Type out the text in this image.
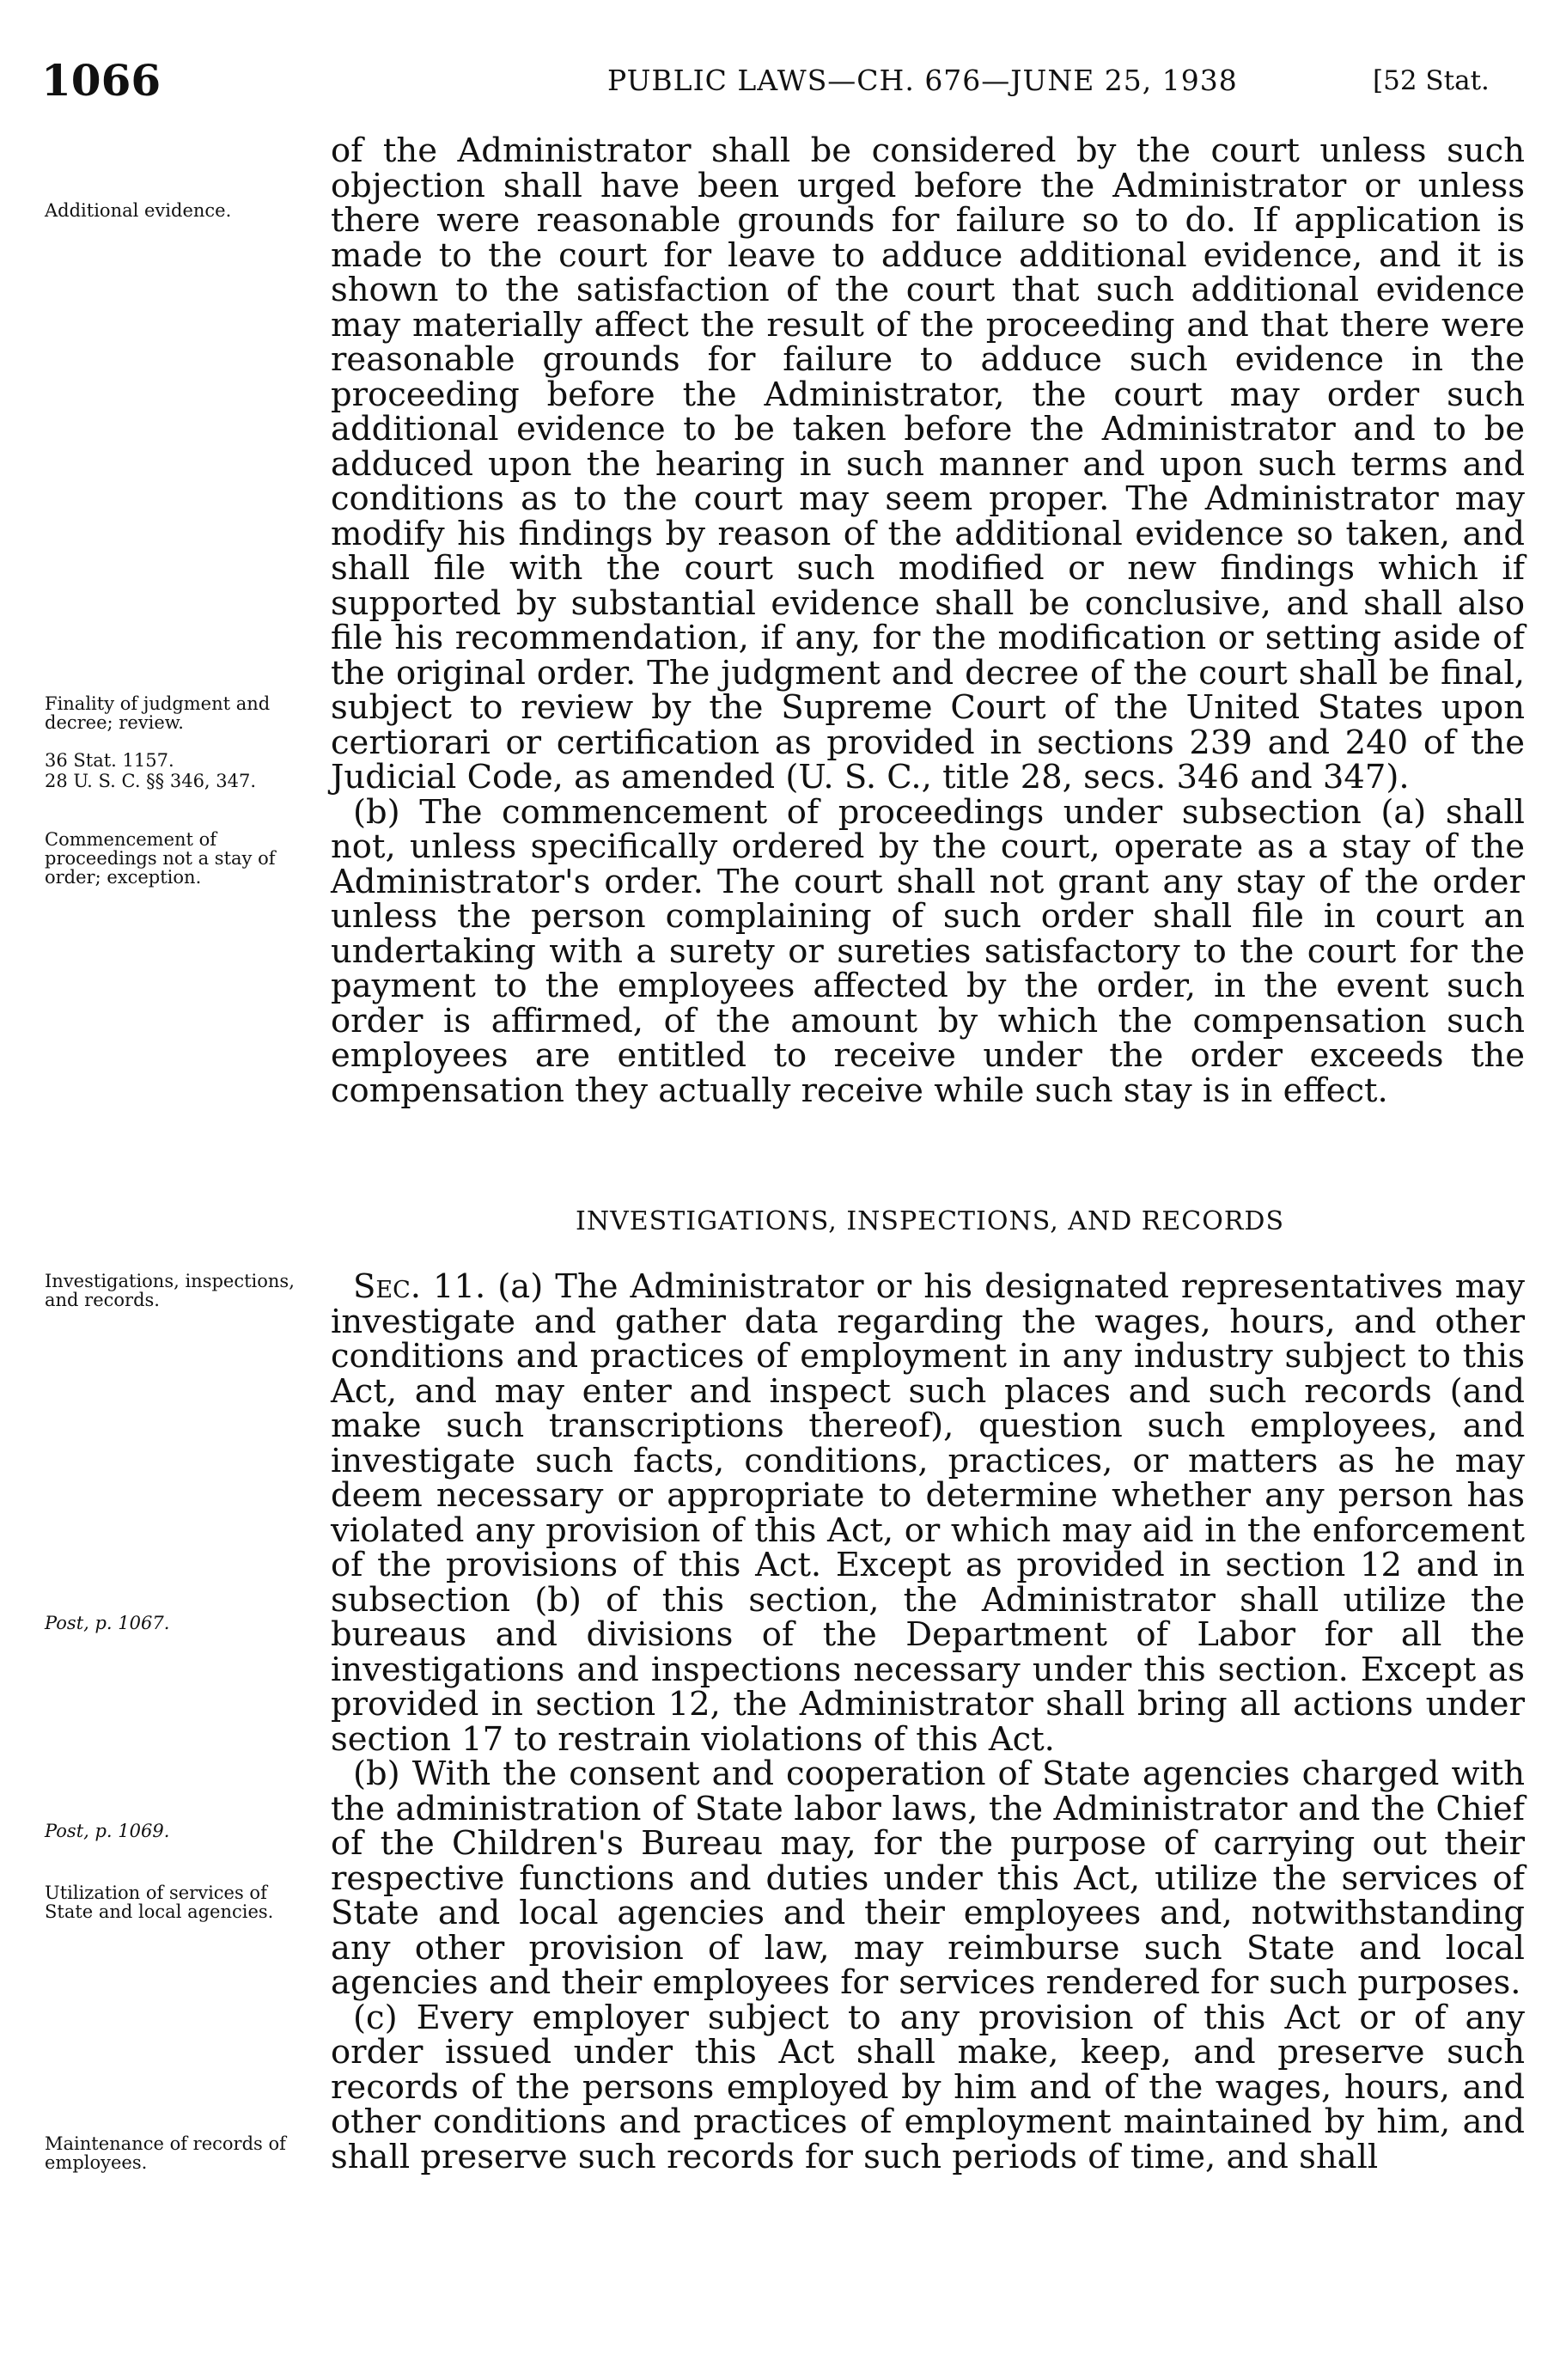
1066	PUBLIC LAWS—CH. 676—JUNE 25, 1938	[52 Stat.
Additional evidence.
Finality of judgment and decree; review.
36 Stat. 1157.
28 U. S. C. §§ 346, 347.
Commencement of proceedings not a stay of order; exception.
Investigations, inspections, and records.
Post, p. 1067.
Post, p. 1069.
Utilization of services of State and local agencies.
Maintenance of records of employees.

of the Administrator shall be considered by the court unless such objection shall have been urged before the Administrator or unless there were reasonable grounds for failure so to do. If application is made to the court for leave to adduce additional evidence, and it is shown to the satisfaction of the court that such additional evidence may materially affect the result of the proceeding and that there were reasonable grounds for failure to adduce such evidence in the proceeding before the Administrator, the court may order such additional evidence to be taken before the Administrator and to be adduced upon the hearing in such manner and upon such terms and conditions as to the court may seem proper. The Administrator may modify his findings by reason of the additional evidence so taken, and shall file with the court such modified or new findings which if supported by substantial evidence shall be conclusive, and shall also file his recommendation, if any, for the modification or setting aside of the original order. The judgment and decree of the court shall be final, subject to review by the Supreme Court of the United States upon certiorari or certification as provided in sections 239 and 240 of the Judicial Code, as amended (U. S. C., title 28, secs. 346 and 347).

(b) The commencement of proceedings under subsection (a) shall not, unless specifically ordered by the court, operate as a stay of the Administrator's order. The court shall not grant any stay of the order unless the person complaining of such order shall file in court an undertaking with a surety or sureties satisfactory to the court for the payment to the employees affected by the order, in the event such order is affirmed, of the amount by which the compensation such employees are entitled to receive under the order exceeds the compensation they actually receive while such stay is in effect.

INVESTIGATIONS, INSPECTIONS, AND RECORDS

Sec. 11. (a) The Administrator or his designated representatives may investigate and gather data regarding the wages, hours, and other conditions and practices of employment in any industry subject to this Act, and may enter and inspect such places and such records (and make such transcriptions thereof), question such employees, and investigate such facts, conditions, practices, or matters as he may deem necessary or appropriate to determine whether any person has violated any provision of this Act, or which may aid in the enforcement of the provisions of this Act. Except as provided in section 12 and in subsection (b) of this section, the Administrator shall utilize the bureaus and divisions of the Department of Labor for all the investigations and inspections necessary under this section. Except as provided in section 12, the Administrator shall bring all actions under section 17 to restrain violations of this Act.

(b) With the consent and cooperation of State agencies charged with the administration of State labor laws, the Administrator and the Chief of the Children's Bureau may, for the purpose of carrying out their respective functions and duties under this Act, utilize the services of State and local agencies and their employees and, notwithstanding any other provision of law, may reimburse such State and local agencies and their employees for services rendered for such purposes.

(c) Every employer subject to any provision of this Act or of any order issued under this Act shall make, keep, and preserve such records of the persons employed by him and of the wages, hours, and other conditions and practices of employment maintained by him, and shall preserve such records for such periods of time, and shall
